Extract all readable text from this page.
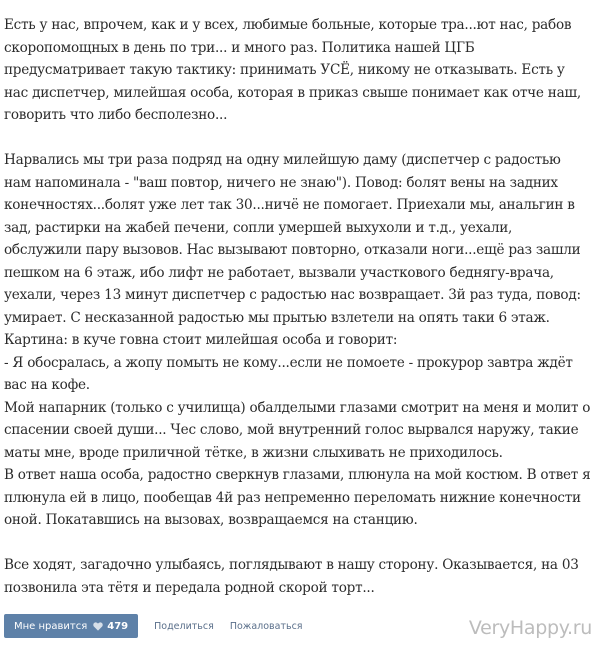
Есть у нас, впрочем, как и у всех, любимые больные, которые тра...ют нас, рабов
скоропомощных в день по три... и много раз. Политика нашей ЦГБ
предусматривает такую тактику: принимать УСЁ, никому не отказывать. Есть у
нас диспетчер, милейшая особа, которая в приказ свыше понимает как отче наш,
говорить что либо бесполезно...
Нарвались мы три раза подряд на одну милейшую даму (диспетчер с радостью
нам напоминала - "ваш повтор, ничего не знаю"). Повод: болят вены на задних
конечностях...болят уже лет так 30...ничё не помогает. Приехали мы, анальгин в
зад, растирки на жабей печени, сопли умершей выхухоли и т.д., уехали,
обслужили пару вызовов. Нас вызывают повторно, отказали ноги...ещё раз зашли
пешком на 6 этаж, ибо лифт не работает, вызвали участкового беднягу-врача,
уехали, через 13 минут диспетчер с радостью нас возвращает. 3й раз туда, повод:
умирает. С несказанной радостью мы прытью взлетели на опять таки 6 этаж.
Картина: в куче говна стоит милейшая особа и говорит:
- Я обосралась, а жопу помыть не кому...если не помоете - прокурор завтра ждёт
вас на кофе.
Мой напарник (только с училища) обалделыми глазами смотрит на меня и молит о
спасении своей души... Чес слово, мой внутренний голос вырвался наружу, такие
маты мне, вроде приличной тётке, в жизни слыхивать не приходилось.
В ответ наша особа, радостно сверкнув глазами, плюнула на мой костюм. В ответ я
плюнула ей в лицо, пообещав 4й раз непременно переломать нижние конечности
оной. Покатавшись на вызовах, возвращаемся на станцию.
Все ходят, загадочно улыбаясь, поглядывают в нашу сторону. Оказывается, на 03
позвонила эта тётя и передала родной скорой торт...
Мне нравится 479	Поделиться Пожаловаться	VeryHappy.ru
